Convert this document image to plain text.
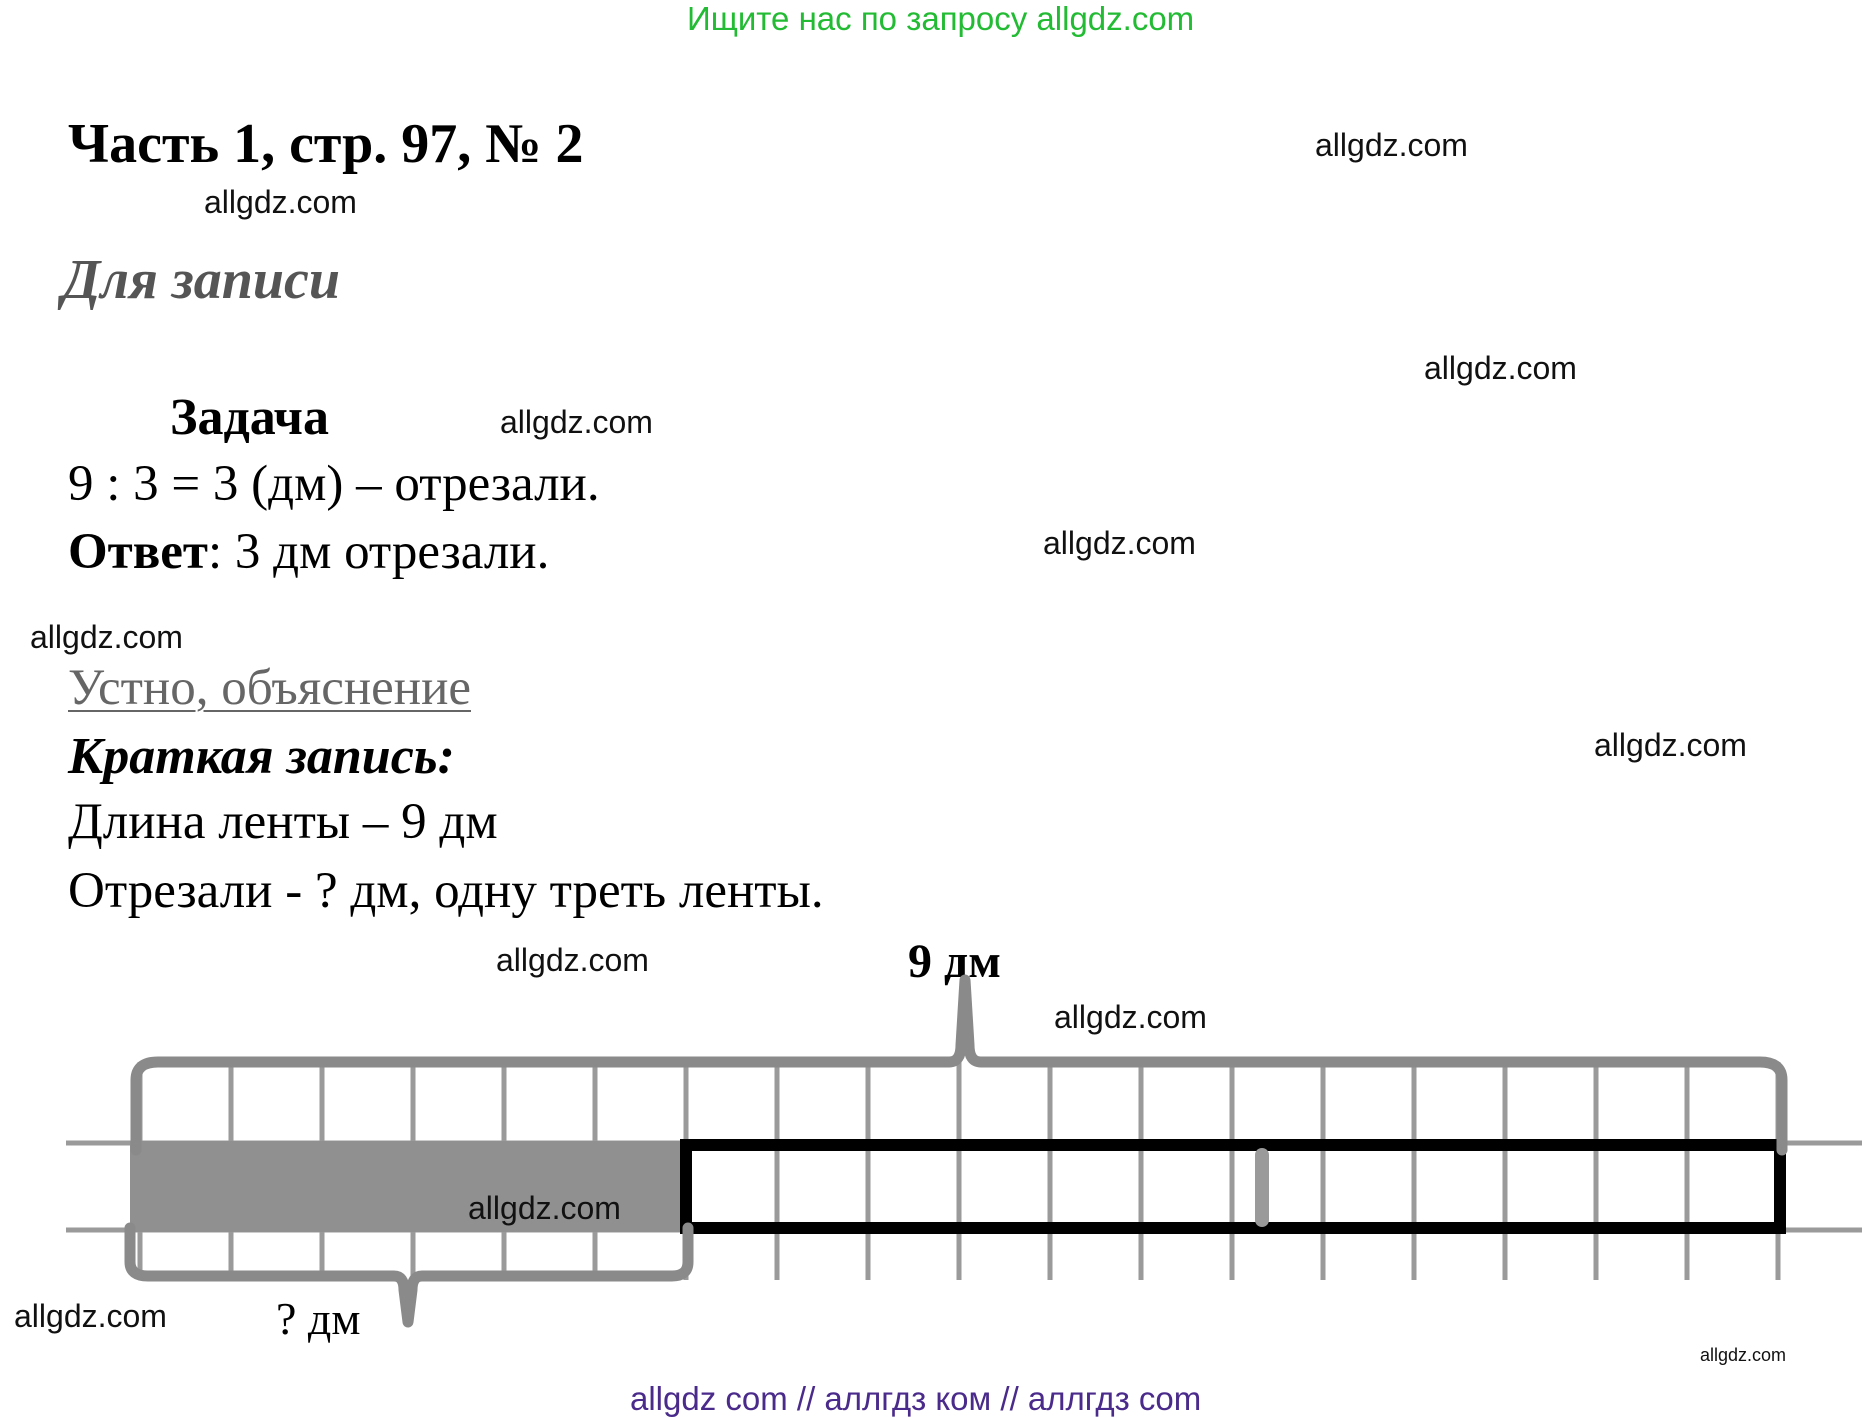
Ищите нас по запросу allgdz.com
Часть 1, стр. 97, № 2	allgdz.com
allgdz.com
Для записи
allgdz.com
Задача	allgdz.com
9 : 3 = 3 (дм) – отрезали.
Ответ: 3 дм отрезали.	allgdz.com
allgdz.com
Устно, объяснение
Краткая запись:	allgdz.com
Длина ленты – 9 дм
Отрезали - ? дм, одну треть ленты.
allgdz.com	9 дм
allgdz.com
allgdz.com
allgdz.com ? дм
allgdz.com
allgdz com // аллгдз ком // аллгдз com
